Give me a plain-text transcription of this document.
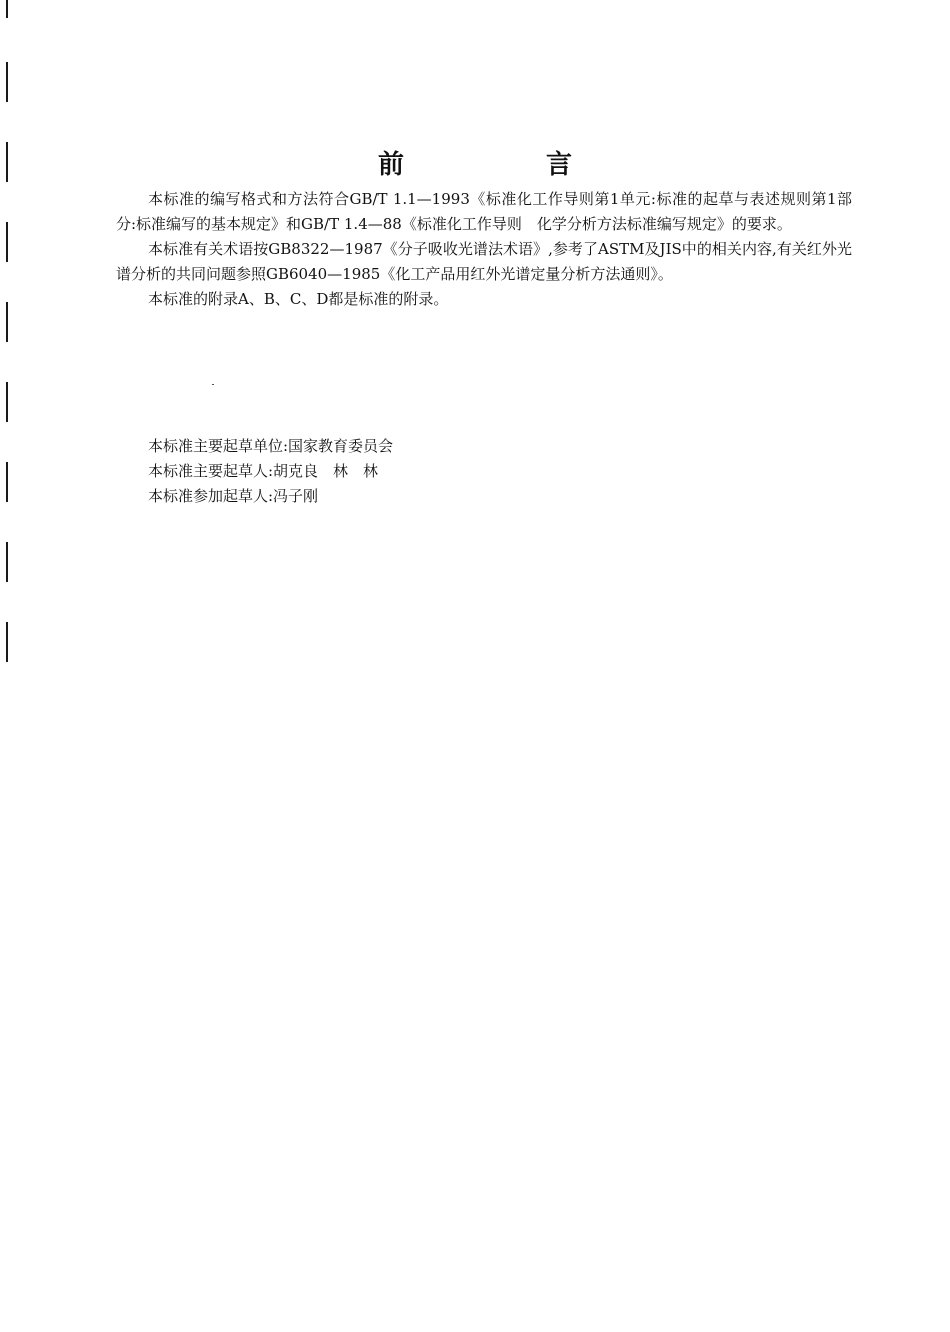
前　言

本标准的编写格式和方法符合GB/T 1.1—1993《标准化工作导则第1单元:标准的起草与表述规则第1部分:标准编写的基本规定》和GB/T 1.4—88《标准化工作导则　化学分析方法标准编写规定》的要求。

本标准有关术语按GB8322—1987《分子吸收光谱法术语》,参考了ASTM及JIS中的相关内容,有关红外光谱分析的共同问题参照GB6040—1985《化工产品用红外光谱定量分析方法通则》。

本标准的附录A、B、C、D都是标准的附录。

本标准主要起草单位:国家教育委员会
本标准主要起草人:胡克良　林　林
本标准参加起草人:冯子刚
